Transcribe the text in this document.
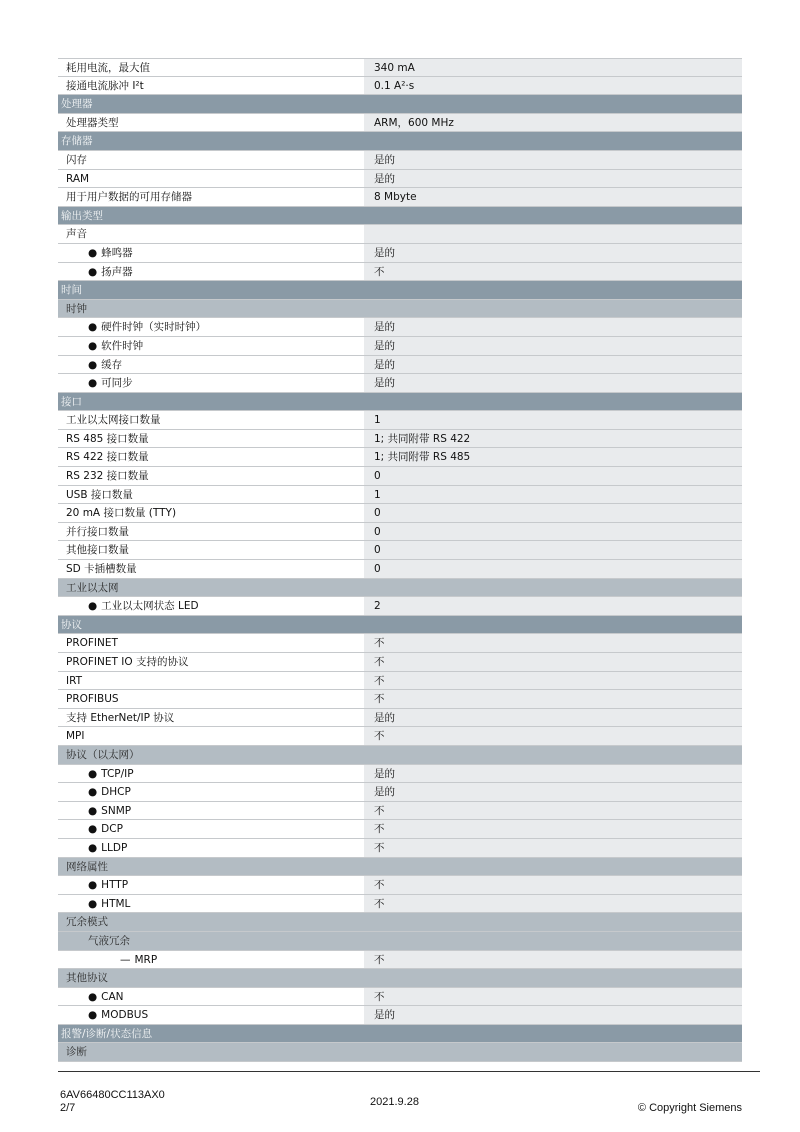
耗用电流，最大值	340 mA
接通电流脉冲 I²t	0.1 A²·s
处理器
处理器类型	ARM，600 MHz
存储器
闪存	是的
RAM	是的
用于用户数据的可用存储器	8 Mbyte
输出类型
声音
● 蜂鸣器	是的
● 扬声器	不
时间
时钟
● 硬件时钟（实时时钟）	是的
● 软件时钟	是的
● 缓存	是的
● 可同步	是的
接口
工业以太网接口数量	1
RS 485 接口数量	1; 共同附带 RS 422
RS 422 接口数量	1; 共同附带 RS 485
RS 232 接口数量	0
USB 接口数量	1
20 mA 接口数量 (TTY)	0
并行接口数量	0
其他接口数量	0
SD 卡插槽数量	0
工业以太网
● 工业以太网状态 LED	2
协议
PROFINET	不
PROFINET IO 支持的协议	不
IRT	不
PROFIBUS	不
支持 EtherNet/IP 协议	是的
MPI	不
协议（以太网）
● TCP/IP	是的
● DHCP	是的
● SNMP	不
● DCP	不
● LLDP	不
网络属性
● HTTP	不
● HTML	不
冗余模式
气液冗余
— MRP	不
其他协议
● CAN	不
● MODBUS	是的
报警/诊断/状态信息
诊断
6AV66480CC113AX0
2/7	2021.9.28	© Copyright Siemens
